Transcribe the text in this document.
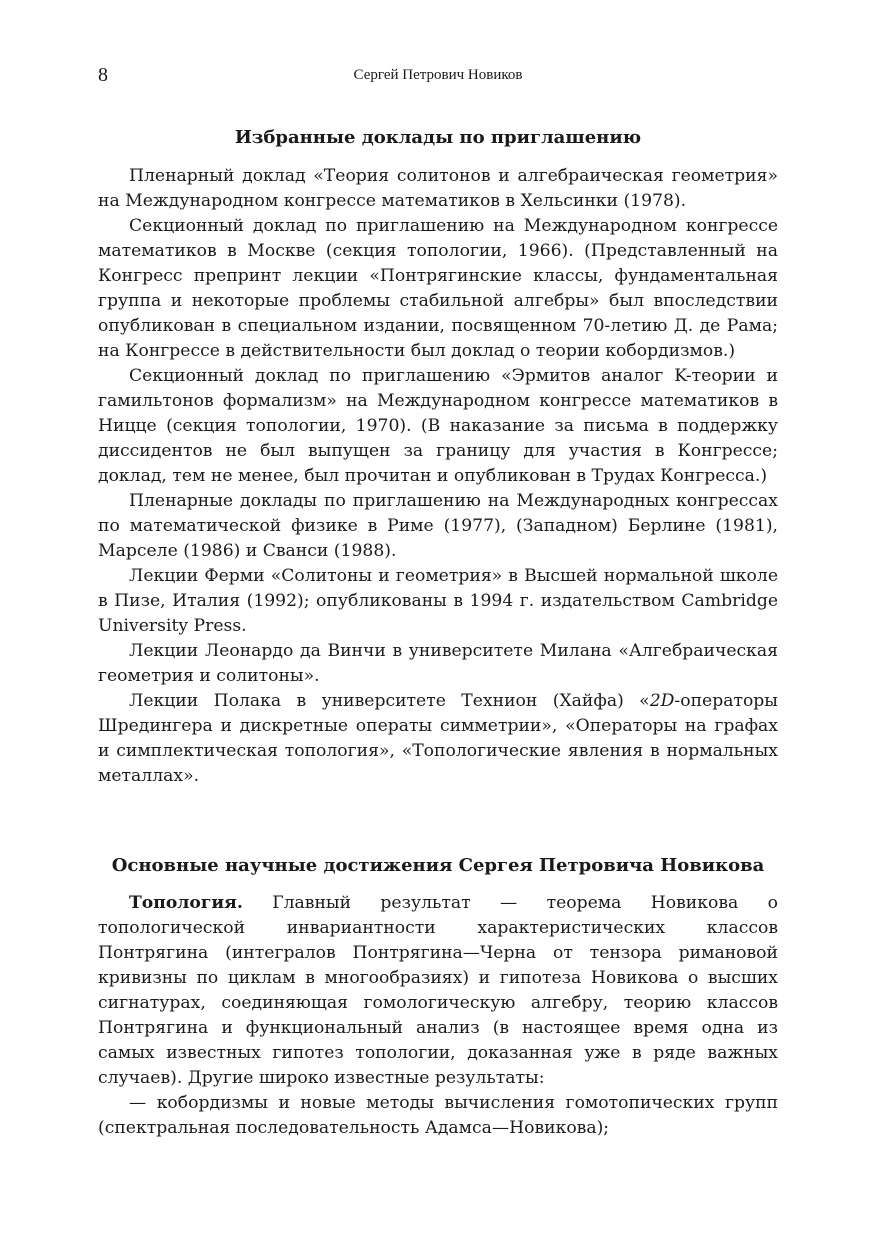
8	Сергей Петрович Новиков
Избранные доклады по приглашению

Пленарный доклад «Теория солитонов и алгебраическая геометрия» на Международном конгрессе математиков в Хельсинки (1978).

Секционный доклад по приглашению на Международном конгрессе математиков в Москве (секция топологии, 1966). (Представленный на Конгресс препринт лекции «Понтрягинские классы, фундаментальная группа и некоторые проблемы стабильной алгебры» был впоследствии опубликован в специальном издании, посвященном 70-летию Д. де Рама; на Конгрессе в действительности был доклад о теории кобордизмов.)

Секционный доклад по приглашению «Эрмитов аналог K-теории и гамильтонов формализм» на Международном конгрессе математиков в Ницце (секция топологии, 1970). (В наказание за письма в поддержку диссидентов не был выпущен за границу для участия в Конгрессе; доклад, тем не менее, был прочитан и опубликован в Трудах Конгресса.)

Пленарные доклады по приглашению на Международных конгрессах по математической физике в Риме (1977), (Западном) Берлине (1981), Марселе (1986) и Сванси (1988).

Лекции Ферми «Солитоны и геометрия» в Высшей нормальной школе в Пизе, Италия (1992); опубликованы в 1994 г. издательством Cambridge University Press.

Лекции Леонардо да Винчи в университете Милана «Алгебраическая геометрия и солитоны».

Лекции Полака в университете Технион (Хайфа) «2D-операторы Шредингера и дискретные операты симметрии», «Операторы на графах и симплектическая топология», «Топологические явления в нормальных металлах».

Основные научные достижения Сергея Петровича Новикова

Топология. Главный результат — теорема Новикова о топологической инвариантности характеристических классов Понтрягина (интегралов Понтрягина—Черна от тензора римановой кривизны по циклам в многообразиях) и гипотеза Новикова о высших сигнатурах, соединяющая гомологическую алгебру, теорию классов Понтрягина и функциональный анализ (в настоящее время одна из самых известных гипотез топологии, доказанная уже в ряде важных случаев). Другие широко известные результаты:

— кобордизмы и новые методы вычисления гомотопических групп (спектральная последовательность Адамса—Новикова);
